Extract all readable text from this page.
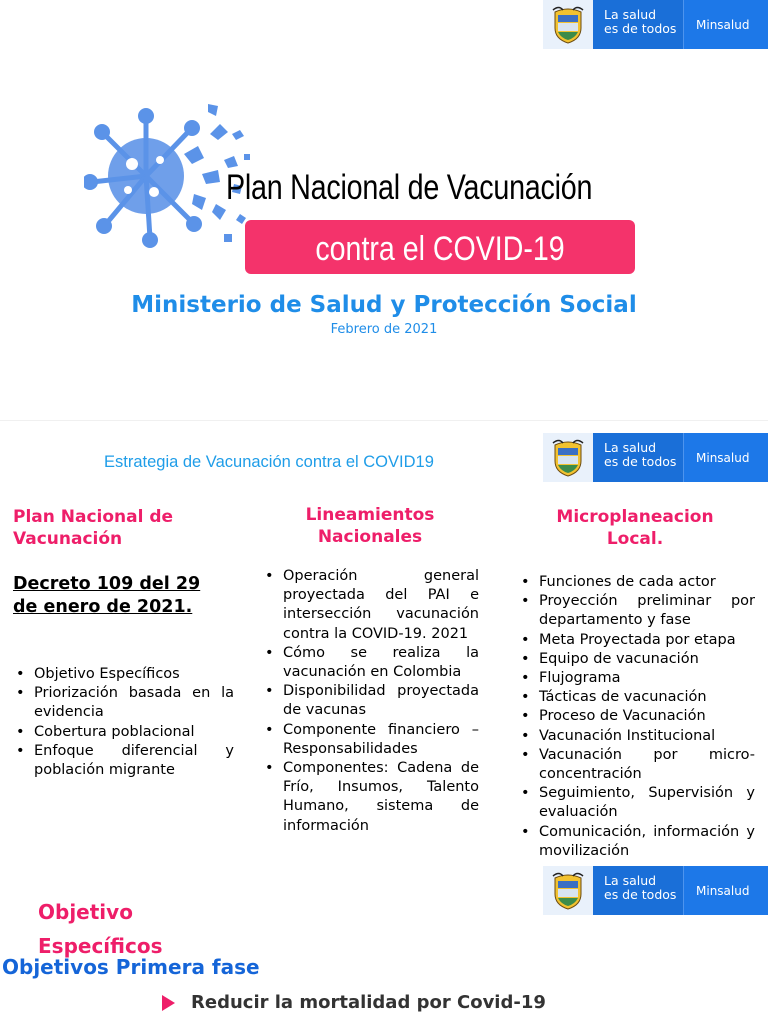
La salud
es de todos	Minsalud
Plan Nacional de Vacunación
contra el COVID-19
Ministerio de Salud y Protección Social
Febrero de 2021
La salud
es de todos	Minsalud
Estrategia de Vacunación contra el COVID19
Plan Nacional de
Vacunación
Lineamientos
Nacionales
Microplaneacion
Local.
Decreto 109 del 29
de enero de 2021.
• Objetivo Específicos
• Priorización basada en la evidencia
• Cobertura poblacional
• Enfoque diferencial y población migrante
• Operación general proyectada del PAI e intersección vacunación contra la COVID-19. 2021
• Cómo se realiza la vacunación en Colombia
• Disponibilidad proyectada de vacunas
• Componente financiero – Responsabilidades
• Componentes: Cadena de Frío, Insumos, Talento Humano, sistema de información
• Funciones de cada actor
• Proyección preliminar por departamento y fase
• Meta Proyectada por etapa
• Equipo de vacunación
• Flujograma
• Tácticas de vacunación
• Proceso de Vacunación
• Vacunación Institucional
• Vacunación por micro-concentración
• Seguimiento, Supervisión y evaluación
• Comunicación, información y movilización
La salud
es de todos	Minsalud
Objetivo
Específicos
Objetivos Primera fase
Reducir la mortalidad por Covid-19
